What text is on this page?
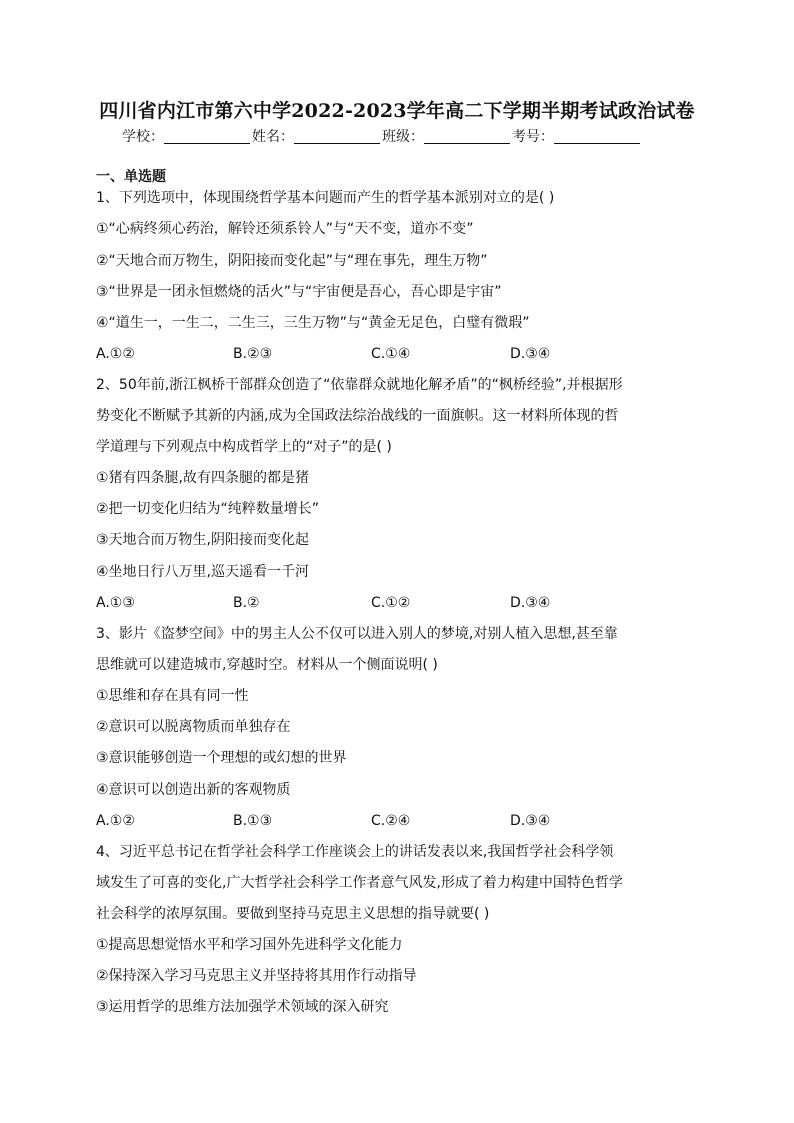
四川省内江市第六中学2022-2023学年高二下学期半期考试政治试卷
学校：	姓名：	班级：	考号：
一、单选题
1、下列选项中，体现围绕哲学基本问题而产生的哲学基本派别对立的是( )
①“心病终须心药治，解铃还须系铃人”与“天不变，道亦不变”
②“天地合而万物生，阴阳接而变化起”与“理在事先，理生万物”
③“世界是一团永恒燃烧的活火”与“宇宙便是吾心，吾心即是宇宙”
④“道生一，一生二，二生三，三生万物”与“黄金无足色，白璧有微瑕”
A.①②	B.②③	C.①④	D.③④
2、50年前,浙江枫桥干部群众创造了“依靠群众就地化解矛盾”的“枫桥经验”,并根据形
势变化不断赋予其新的内涵,成为全国政法综治战线的一面旗帜。这一材料所体现的哲
学道理与下列观点中构成哲学上的“对子”的是( )
①猪有四条腿,故有四条腿的都是猪
②把一切变化归结为“纯粹数量增长”
③天地合而万物生,阴阳接而变化起
④坐地日行八万里,巡天遥看一千河
A.①③	B.②	C.①②	D.③④
3、影片《盗梦空间》中的男主人公不仅可以进入别人的梦境,对别人植入思想,甚至靠
思维就可以建造城市,穿越时空。材料从一个侧面说明( )
①思维和存在具有同一性
②意识可以脱离物质而单独存在
③意识能够创造一个理想的或幻想的世界
④意识可以创造出新的客观物质
A.①②	B.①③	C.②④	D.③④
4、习近平总书记在哲学社会科学工作座谈会上的讲话发表以来,我国哲学社会科学领
域发生了可喜的变化,广大哲学社会科学工作者意气风发,形成了着力构建中国特色哲学
社会科学的浓厚氛围。要做到坚持马克思主义思想的指导就要( )
①提高思想觉悟水平和学习国外先进科学文化能力
②保持深入学习马克思主义并坚持将其用作行动指导
③运用哲学的思维方法加强学术领域的深入研究
